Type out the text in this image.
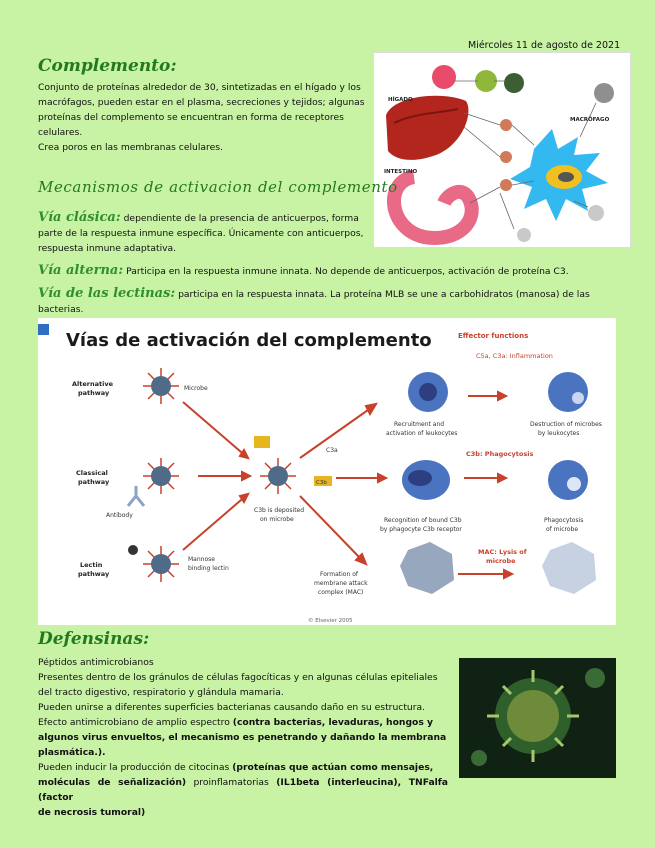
Miércoles 11 de agosto de 2021
Complemento:
Conjunto de proteínas alrededor de 30, sintetizadas en el hígado y los
macrófagos, pueden estar en el plasma, secreciones y tejidos; algunas
proteínas del complemento se encuentran en forma de receptores
celulares.
Crea poros en las membranas celulares.
HÍGADO
INTESTINO
MACRÓFAGO
Mecanismos de activacion del complemento
Vía clásica: dependiente de la presencia de anticuerpos, forma
parte de la respuesta inmune específica. Únicamente con anticuerpos,
respuesta inmune adaptativa.
Vía alterna: Participa en la respuesta inmune innata. No depende de anticuerpos, activación de proteína C3.
Vía de las lectinas: participa en la respuesta innata. La proteína MLB se une a carbohidratos (manosa) de las bacterias.
Vías de activación del complemento
Alternative
pathway
Classical
pathway
Lectin
pathway
Microbe
Antibody
Mannose
binding lectin
C3b
C3b is deposited
on microbe
C3a
Effector functions
C5a, C3a: Inflammation
C3b: Phagocytosis
MAC: Lysis of
microbe
Recruitment and
activation of leukocytes
Destruction of microbes
by leukocytes
Recognition of bound C3b
by phagocyte C3b receptor
Phagocytosis
of microbe
Formation of
membrane attack
complex (MAC)
© Elsevier 2005
Defensinas:
Péptidos antimicrobianos
Presentes dentro de los gránulos de células fagocíticas y en algunas células epiteliales
del tracto digestivo, respiratorio y glándula mamaria.
Pueden unirse a diferentes superficies bacterianas causando daño en su estructura.
Efecto antimicrobiano de amplio espectro (contra bacterias, levaduras, hongos y
algunos virus envueltos, el mecanismo es penetrando y dañando la membrana
plasmática.).
Pueden inducir la producción de citocinas (proteínas que actúan como mensajes,
moléculas de señalización) proinflamatorias (IL1beta (interleucina), TNFalfa (factor
de necrosis tumoral)
